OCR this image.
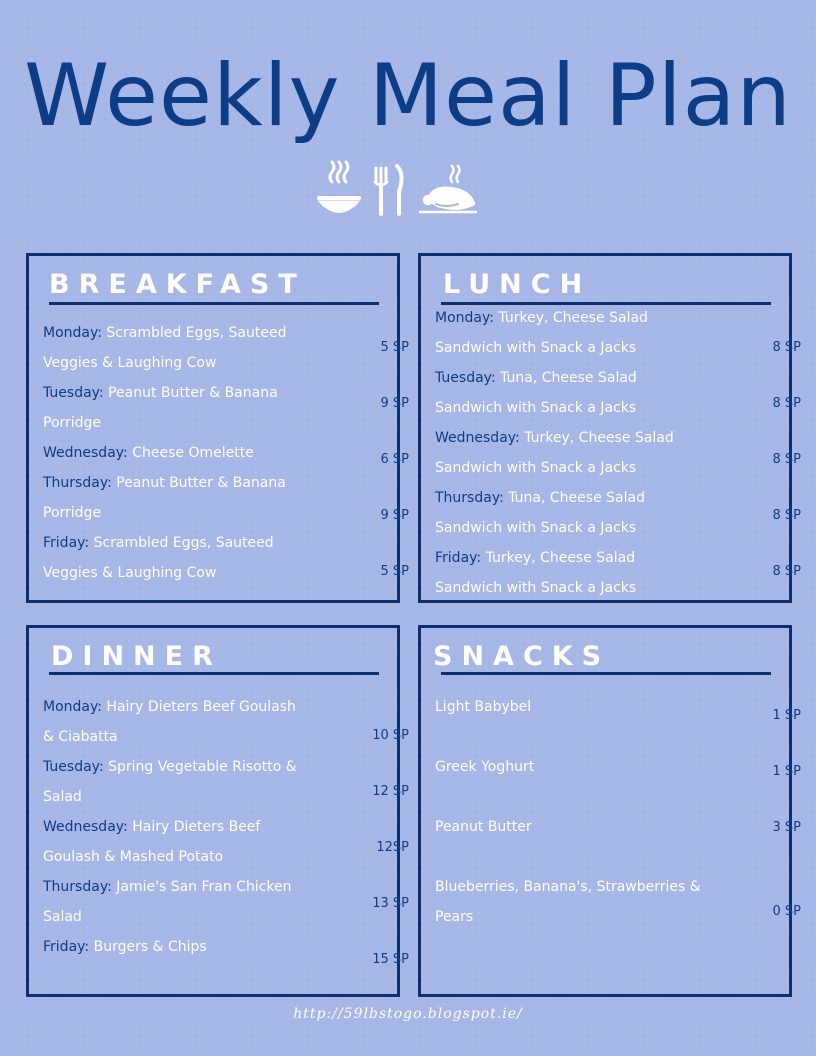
Weekly Meal Plan
BREAKFAST
Monday: Scrambled Eggs, Sauteed Veggies & Laughing Cow
5 SP
Tuesday: Peanut Butter & Banana Porridge
9 SP
Wednesday: Cheese Omelette	6 SP
Thursday: Peanut Butter & Banana Porridge	9 SP
Friday: Scrambled Eggs, Sauteed Veggies & Laughing Cow	5 SP
LUNCH
Monday: Turkey, Cheese Salad Sandwich with Snack a Jacks	8 SP
Tuesday: Tuna, Cheese Salad Sandwich with Snack a Jacks	8 SP
Wednesday: Turkey, Cheese Salad Sandwich with Snack a Jacks
8 SP
Thursday: Tuna, Cheese Salad Sandwich with Snack a Jacks
8 SP
Friday: Turkey, Cheese Salad Sandwich with Snack a Jacks
8 SP
DINNER
Monday: Hairy Dieters Beef Goulash & Ciabatta	10 SP
Tuesday: Spring Vegetable Risotto & Salad	12 SP
Wednesday: Hairy Dieters Beef Goulash & Mashed Potato
12SP
Thursday: Jamie's San Fran Chicken Salad
13 SP
Friday: Burgers & Chips
15 SP
SNACKS
Light Babybel
1 SP
Greek Yoghurt	1 SP
Peanut Butter	3 SP
Blueberries, Banana's, Strawberries & Pears	0 SP
http://59lbstogo.blogspot.ie/
